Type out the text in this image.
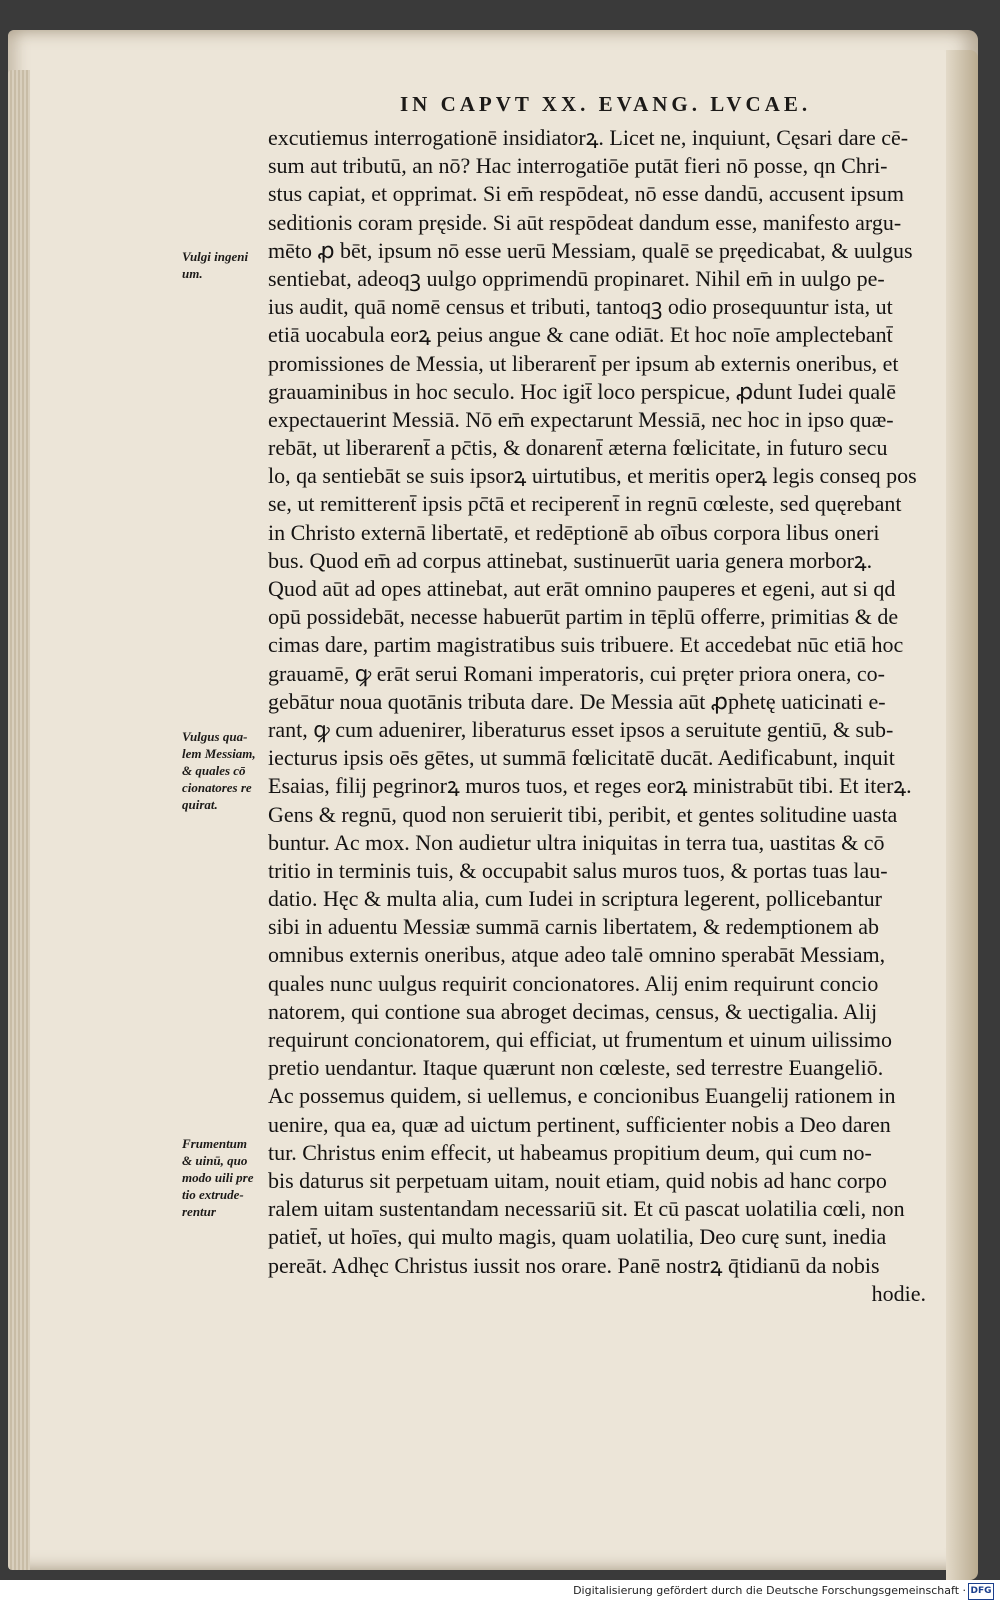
IN CAPVT XX. EVANG. LVCAE.
excutiemus interrogationē insidiatorꝝ. Licet ne, inquiunt, Cęsari dare cē-
sum aut tributū, an nō? Hac interrogatiōe putāt fieri nō posse, qn Chri-
stus capiat, et opprimat. Si em̄ respōdeat, nō esse dandū, accusent ipsum
seditionis coram pręside. Si aūt respōdeat dandum esse, manifesto argu-
mēto ꝓ bēt, ipsum nō esse uerū Messiam, qualē se pręedicabat, & uulgus
sentiebat, adeoqꝫ uulgo opprimendū propinaret. Nihil em̄ in uulgo pe-
ius audit, quā nomē census et tributi, tantoqꝫ odio prosequuntur ista, ut
etiā uocabula eorꝝ peius angue & cane odiāt. Et hoc noīe amplectebant̄
promissiones de Messia, ut liberarent̄ per ipsum ab externis oneribus, et
grauaminibus in hoc seculo. Hoc igit̄ loco perspicue, ꝓdunt Iudei qualē
expectauerint Messiā. Nō em̄ expectarunt Messiā, nec hoc in ipso quæ-
rebāt, ut liberarent̄ a pc̄tis, & donarent̄ æterna fœlicitate, in futuro secu
lo, qa sentiebāt se suis ipsorꝝ uirtutibus, et meritis operꝝ legis conseq pos
se, ut remitterent̄ ipsis pc̄tā et reciperent̄ in regnū cœleste, sed quęrebant
in Christo externā libertatē, et redēptionē ab oībus corpora libus oneri
bus. Quod em̄ ad corpus attinebat, sustinuerūt uaria genera morborꝝ.
Quod aūt ad opes attinebat, aut erāt omnino pauperes et egeni, aut si qd
opū possidebāt, necesse habuerūt partim in tēplū offerre, primitias & de
cimas dare, partim magistratibus suis tribuere. Et accedebat nūc etiā hoc
grauamē, ꝙ erāt serui Romani imperatoris, cui pręter priora onera, co-
gebātur noua quotānis tributa dare. De Messia aūt ꝓphetę uaticinati e-
rant, ꝙ cum aduenirer, liberaturus esset ipsos a seruitute gentiū, & sub-
iecturus ipsis oēs gētes, ut summā fœlicitatē ducāt. Aedificabunt, inquit
Esaias, filij pegrinorꝝ muros tuos, et reges eorꝝ ministrabūt tibi. Et iterꝝ.
Gens & regnū, quod non seruierit tibi, peribit, et gentes solitudine uasta
buntur. Ac mox. Non audietur ultra iniquitas in terra tua, uastitas & cō
tritio in terminis tuis, & occupabit salus muros tuos, & portas tuas lau-
datio. Hęc & multa alia, cum Iudei in scriptura legerent, pollicebantur
sibi in aduentu Messiæ summā carnis libertatem, & redemptionem ab
omnibus externis oneribus, atque adeo talē omnino sperabāt Messiam,
quales nunc uulgus requirit concionatores. Alij enim requirunt concio
natorem, qui contione sua abroget decimas, census, & uectigalia. Alij
requirunt concionatorem, qui efficiat, ut frumentum et uinum uilissimo
pretio uendantur. Itaque quærunt non cœleste, sed terrestre Euangeliō.
Ac possemus quidem, si uellemus, e concionibus Euangelij rationem in
uenire, qua ea, quæ ad uictum pertinent, sufficienter nobis a Deo daren
tur. Christus enim effecit, ut habeamus propitium deum, qui cum no-
bis daturus sit perpetuam uitam, nouit etiam, quid nobis ad hanc corpo
ralem uitam sustentandam necessariū sit. Et cū pascat uolatilia cœli, non
patiet̄, ut hoīes, qui multo magis, quam uolatilia, Deo curę sunt, inedia
pereāt. Adhęc Christus iussit nos orare. Panē nostrꝝ q̄tidianū da nobis
hodie.
Vulgi ingeni
um.
Vulgus qua-
lem Messiam,
& quales cō
cionatores re
quirat.
Frumentum
& uinū, quo
modo uili pre
tio extrude-
rentur
Digitalisierung gefördert durch die Deutsche Forschungsgemeinschaft · DFG
